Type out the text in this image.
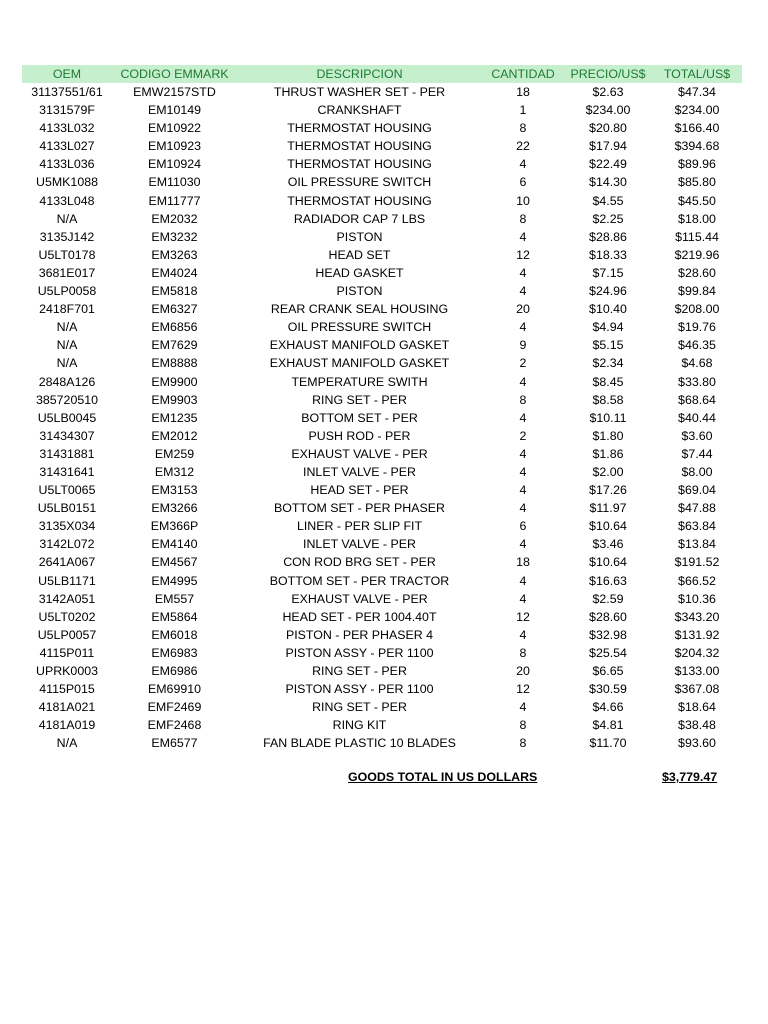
OEM	CODIGO EMMARK	DESCRIPCION	CANTIDAD	PRECIO/US$	TOTAL/US$
31137551/61	EMW2157STD	THRUST WASHER SET - PER	18	$2.63	$47.34
3131579F	EM10149	CRANKSHAFT	1	$234.00	$234.00
4133L032	EM10922	THERMOSTAT HOUSING	8	$20.80	$166.40
4133L027	EM10923	THERMOSTAT HOUSING	22	$17.94	$394.68
4133L036	EM10924	THERMOSTAT HOUSING	4	$22.49	$89.96
U5MK1088	EM11030	OIL PRESSURE SWITCH	6	$14.30	$85.80
4133L048	EM11777	THERMOSTAT HOUSING	10	$4.55	$45.50
N/A	EM2032	RADIADOR CAP 7 LBS	8	$2.25	$18.00
3135J142	EM3232	PISTON	4	$28.86	$115.44
U5LT0178	EM3263	HEAD SET	12	$18.33	$219.96
3681E017	EM4024	HEAD GASKET	4	$7.15	$28.60
U5LP0058	EM5818	PISTON	4	$24.96	$99.84
2418F701	EM6327	REAR CRANK SEAL HOUSING	20	$10.40	$208.00
N/A	EM6856	OIL PRESSURE SWITCH	4	$4.94	$19.76
N/A	EM7629	EXHAUST MANIFOLD GASKET	9	$5.15	$46.35
N/A	EM8888	EXHAUST MANIFOLD GASKET	2	$2.34	$4.68
2848A126	EM9900	TEMPERATURE SWITH	4	$8.45	$33.80
385720510	EM9903	RING SET - PER	8	$8.58	$68.64
U5LB0045	EM1235	BOTTOM SET - PER	4	$10.11	$40.44
31434307	EM2012	PUSH ROD - PER	2	$1.80	$3.60
31431881	EM259	EXHAUST VALVE - PER	4	$1.86	$7.44
31431641	EM312	INLET VALVE - PER	4	$2.00	$8.00
U5LT0065	EM3153	HEAD SET - PER	4	$17.26	$69.04
U5LB0151	EM3266	BOTTOM SET - PER PHASER	4	$11.97	$47.88
3135X034	EM366P	LINER - PER SLIP FIT	6	$10.64	$63.84
3142L072	EM4140	INLET VALVE - PER	4	$3.46	$13.84
2641A067	EM4567	CON ROD BRG SET - PER	18	$10.64	$191.52
U5LB1171	EM4995	BOTTOM SET - PER TRACTOR	4	$16.63	$66.52
3142A051	EM557	EXHAUST VALVE - PER	4	$2.59	$10.36
U5LT0202	EM5864	HEAD SET - PER 1004.40T	12	$28.60	$343.20
U5LP0057	EM6018	PISTON - PER PHASER 4	4	$32.98	$131.92
4115P011	EM6983	PISTON ASSY - PER 1100	8	$25.54	$204.32
UPRK0003	EM6986	RING SET - PER	20	$6.65	$133.00
4115P015	EM69910	PISTON ASSY - PER 1100	12	$30.59	$367.08
4181A021	EMF2469	RING SET - PER	4	$4.66	$18.64
4181A019	EMF2468	RING KIT	8	$4.81	$38.48
N/A	EM6577	FAN BLADE PLASTIC 10 BLADES	8	$11.70	$93.60
GOODS TOTAL IN US DOLLARS	$3,779.47
